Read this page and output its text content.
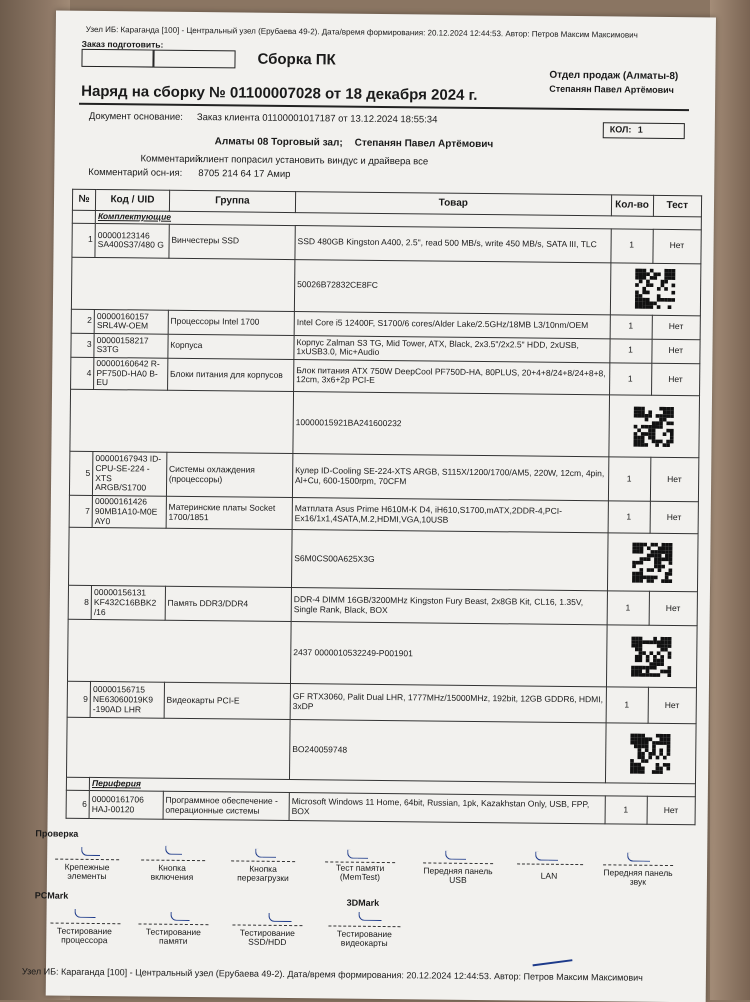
Узел ИБ: Караганда [100] - Центральный узел (Ерубаева 49-2). Дата/время формирования: 20.12.2024 12:44:53. Автор: Петров Максим Максимович
Заказ подготовить:
Сборка ПК
Отдел продаж (Алматы-8)
Степанян Павел Артёмович
Наряд на сборку № 01100007028 от 18 декабря 2024 г.
Документ основание: Заказ клиента 01100001017187 от 13.12.2024 18:55:34
КОЛ: 1
Алматы 08 Торговый зал; Степанян Павел Артёмович
Комментарий:
клиент попрасил установить виндус и драйвера все
Комментарий осн-ия: 8705 214 64 17 Амир
№	Код / UID	Группа	Товар	Кол-во	Тест
	Комплектующие				
1	00000123146 SA400S37/480 G	Винчестеры SSD	SSD 480GB Kingston A400, 2.5", read 500 MB/s, write 450 MB/s, SATA III, TLC	1	Нет
			50026B72832CE8FC	

2	00000160157 SRL4W-OEM	Процессоры Intel 1700	Intel Core i5 12400F, S1700/6 cores/Alder Lake/2.5GHz/18MB L3/10nm/OEM	1	Нет
3	00000158217 S3TG	Корпуса	Корпус Zalman S3 TG, Mid Tower, ATX, Black, 2x3.5"/2x2.5" HDD, 2xUSB, 1xUSB3.0, Mic+Audio	1	Нет
4	00000160642 R-PF750D-HA0 B-EU	Блоки питания для корпусов	Блок питания ATX 750W DeepCool PF750D-HA, 80PLUS, 20+4+8/24+8/24+8+8, 12cm, 3x6+2p PCI-E	1	Нет
			10000015921BA241600232	

5	00000167943 ID-CPU-SE-224 -XTS ARGB/S1700	Системы охлаждения (процессоры)	Кулер ID-Cooling SE-224-XTS ARGB, S115X/1200/1700/AM5, 220W, 12cm, 4pin, Al+Cu, 600-1500rpm, 70CFM	1	Нет
7	00000161426 90MB1A10-M0E AY0	Материнские платы Socket 1700/1851	Матплата Asus Prime H610M-K D4, iH610,S1700,mATX,2DDR-4,PCI-Ex16/1x1,4SATA,M.2,HDMI,VGA,10USB	1	Нет
			S6M0CS00A625X3G	

8	00000156131 KF432C16BBK2 /16	Память DDR3/DDR4	DDR-4 DIMM 16GB/3200MHz Kingston Fury Beast, 2x8GB Kit, CL16, 1.35V, Single Rank, Black, BOX	1	Нет
			2437 0000010532249-P001901	

9	00000156715 NE63060019K9 -190AD LHR	Видеокарты PCI-E	GF RTX3060, Palit Dual LHR, 1777MHz/15000MHz, 192bit, 12GB GDDR6, HDMI, 3xDP	1	Нет
			BO240059748	

	Периферия				
6	00000161706 HAJ-00120	Программное обеспечение - операционные системы	Microsoft Windows 11 Home, 64bit, Russian, 1pk, Kazakhstan Only, USB, FPP, BOX	1	Нет
Проверка
Крепежные элементы
Кнопка включения
Кнопка перезагрузки
Тест памяти (MemTest)
Передняя панель USB	LAN	Передняя панель звук
PCMark
3DMark
Тестирование процессора
Тестирование памяти
Тестирование SSD/HDD
Тестирование видеокарты
Узел ИБ: Караганда [100] - Центральный узел (Ерубаева 49-2). Дата/время формирования: 20.12.2024 12:44:53. Автор: Петров Максим Максимович
